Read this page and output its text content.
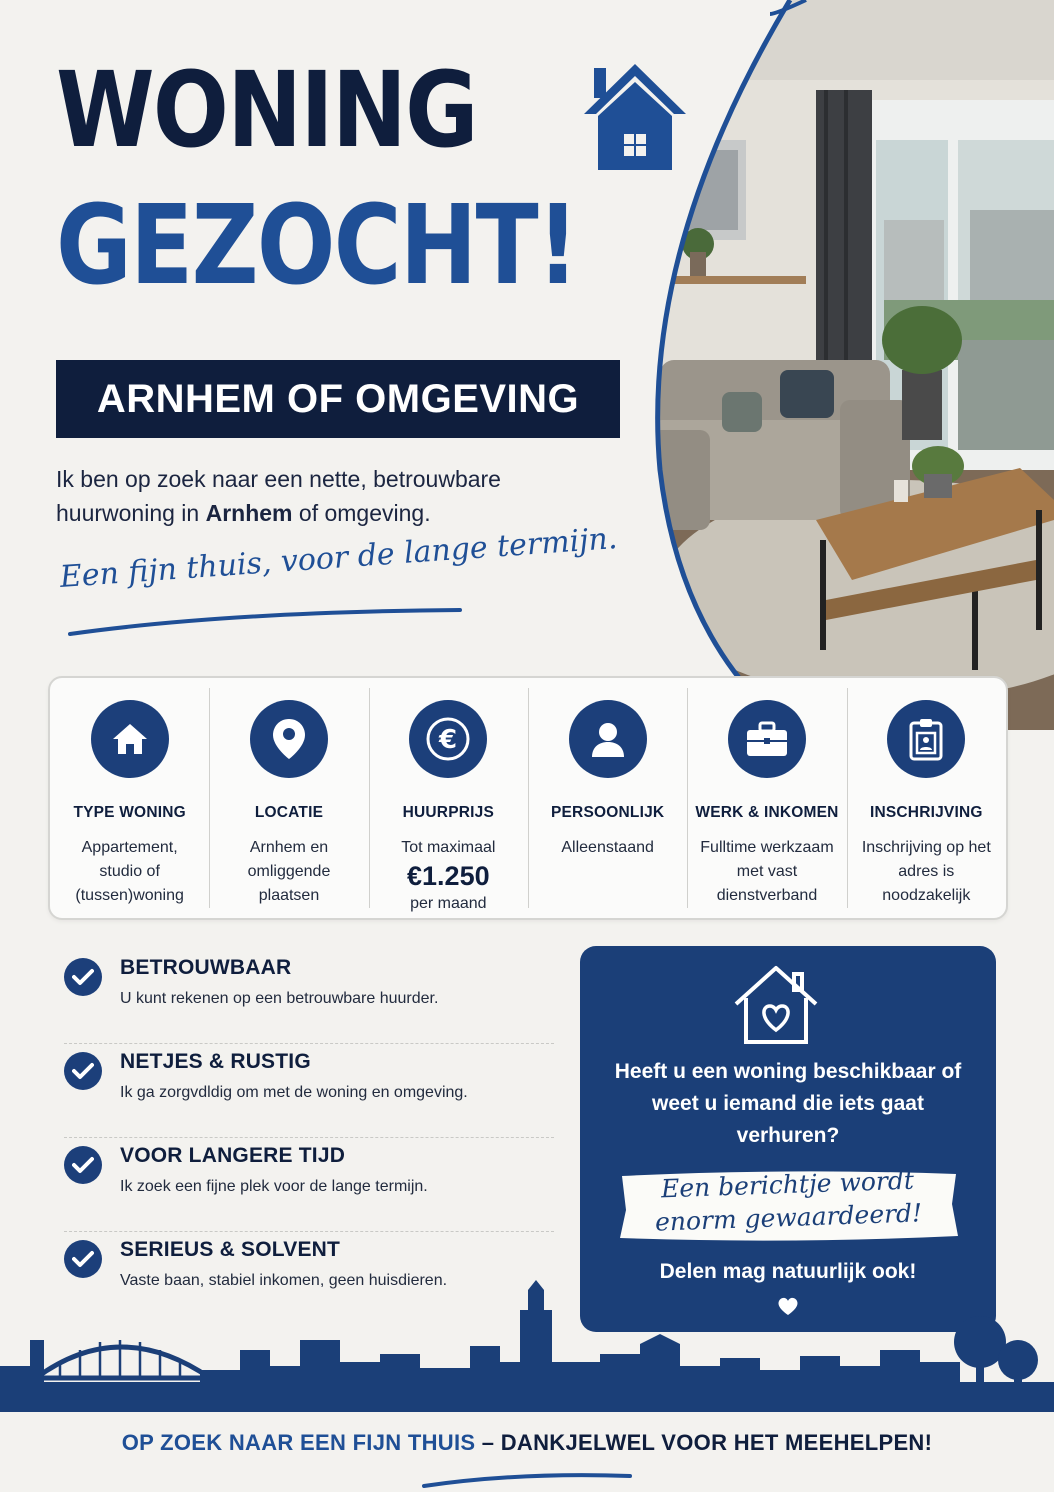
WONING
GEZOCHT!
ARNHEM OF OMGEVING

Ik ben op zoek naar een nette, betrouwbare huurwoning in Arnhem of omgeving.

Een fijn thuis, voor de lange termijn.
TYPE WONING
Appartement, studio of (tussen)woning
LOCATIE
Arnhem en omliggende plaatsen
€
HUURPRIJS
Tot maximaal
€1.250
per maand
PERSOONLIJK
Alleenstaand
WERK & INKOMEN
Fulltime werkzaam met vast dienstverband
INSCHRIJVING
Inschrijving op het adres is noodzakelijk
BETROUWBAAR
U kunt rekenen op een betrouwbare huurder.
NETJES & RUSTIG
Ik ga zorgvdldig om met de woning en omgeving.
VOOR LANGERE TIJD
Ik zoek een fijne plek voor de lange termijn.
SERIEUS & SOLVENT
Vaste baan, stabiel inkomen, geen huisdieren.
Heeft u een woning beschikbaar of weet u iemand die iets gaat verhuren?
Een berichtje wordt
enorm gewaardeerd!
Delen mag natuurlijk ook!
OP ZOEK NAAR EEN FIJN THUIS – DANKJELWEL VOOR HET MEEHELPEN!
